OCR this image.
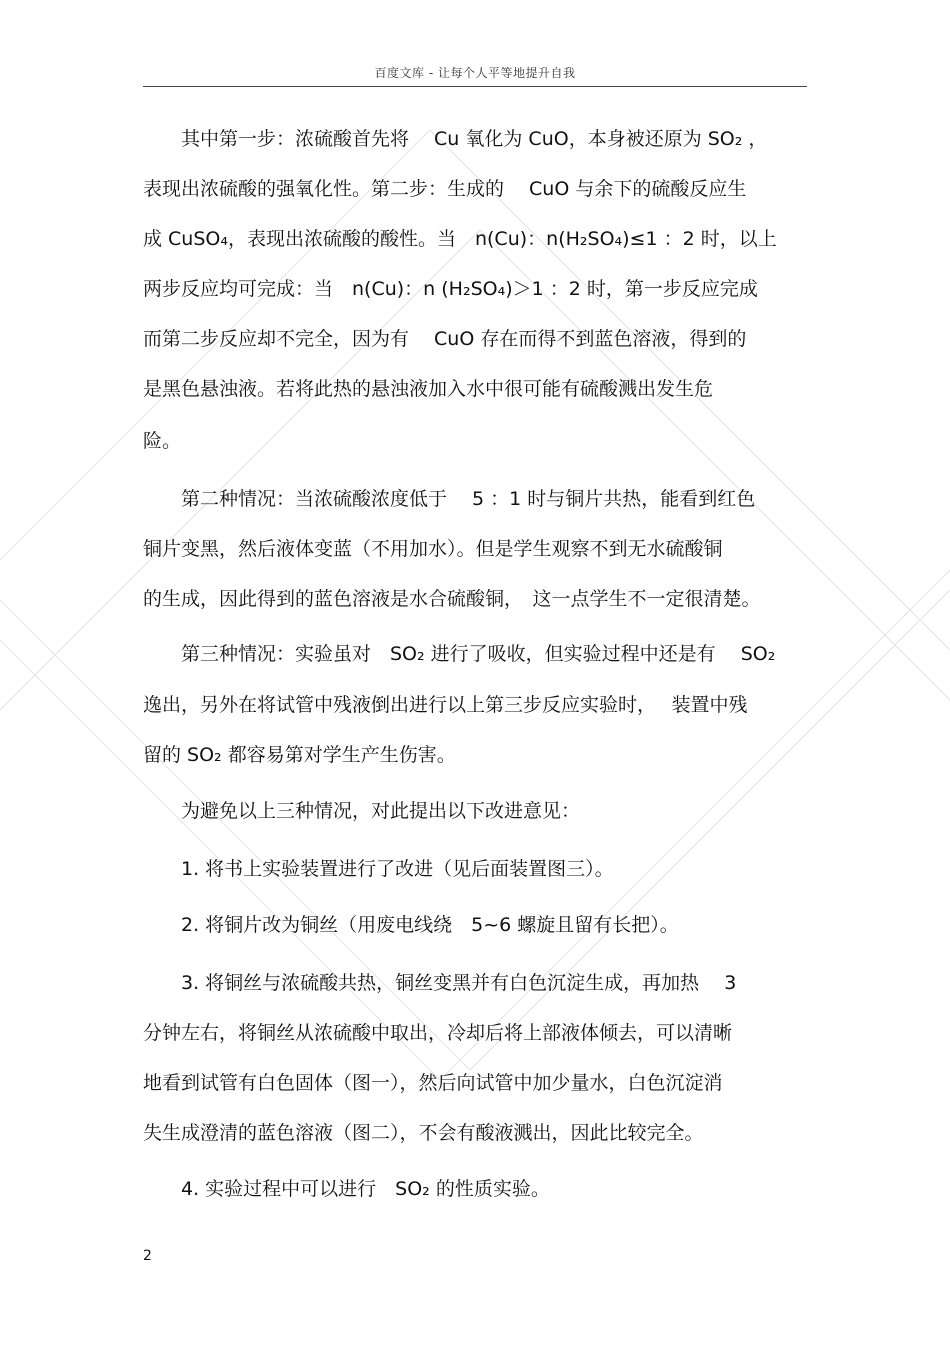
百度文库 - 让每个人平等地提升自我
其中第一步：浓硫酸首先将　 Cu 氧化为 CuO，本身被还原为 SO₂ ，
表现出浓硫酸的强氧化性。第二步：生成的　 CuO 与余下的硫酸反应生
成 CuSO₄，表现出浓硫酸的酸性。当　n(Cu)：n(H₂SO₄)≤1 ：2 时，以上
两步反应均可完成：当　n(Cu)：n (H₂SO₄)＞1 ：2 时，第一步反应完成
而第二步反应却不完全，因为有　 CuO 存在而得不到蓝色溶液，得到的
是黑色悬浊液。若将此热的悬浊液加入水中很可能有硫酸溅出发生危
险。
第二种情况：当浓硫酸浓度低于　 5 ：1 时与铜片共热，能看到红色
铜片变黑，然后液体变蓝（不用加水）。但是学生观察不到无水硫酸铜
的生成，因此得到的蓝色溶液是水合硫酸铜，　这一点学生不一定很清楚。
第三种情况：实验虽对　SO₂ 进行了吸收，但实验过程中还是有　 SO₂
逸出，另外在将试管中残液倒出进行以上第三步反应实验时，　 装置中残
留的 SO₂ 都容易第对学生产生伤害。
为避免以上三种情况，对此提出以下改进意见：
1. 将书上实验装置进行了改进（见后面装置图三）。
2. 将铜片改为铜丝（用废电线绕　5~6 螺旋且留有长把）。
3. 将铜丝与浓硫酸共热，铜丝变黑并有白色沉淀生成，再加热　 3
分钟左右，将铜丝从浓硫酸中取出，冷却后将上部液体倾去，可以清晰
地看到试管有白色固体（图一），然后向试管中加少量水，白色沉淀消
失生成澄清的蓝色溶液（图二），不会有酸液溅出，因此比较完全。
4. 实验过程中可以进行　SO₂ 的性质实验。
2
